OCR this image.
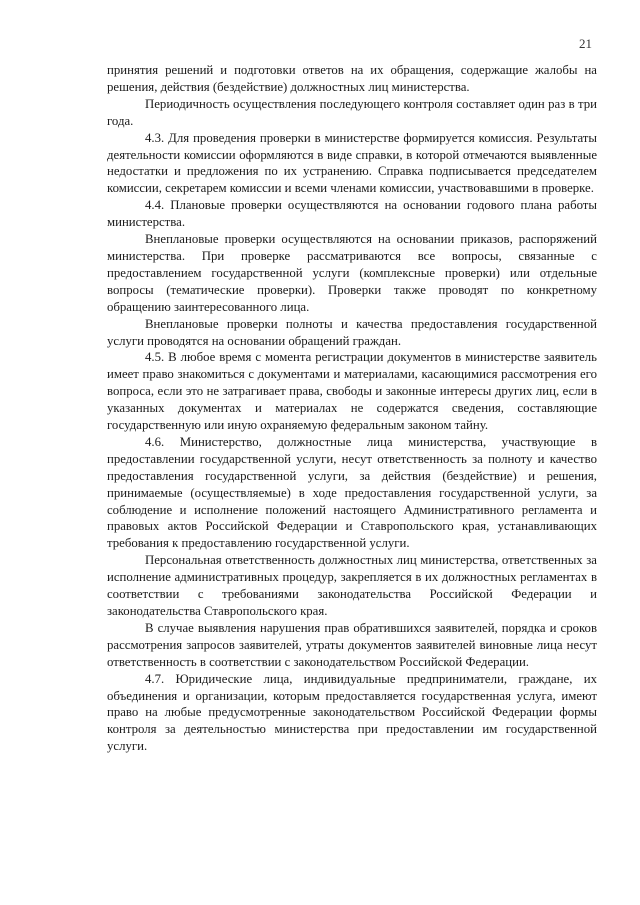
21

принятия решений и подготовки ответов на их обращения, содержащие жалобы на решения, действия (бездействие) должностных лиц министерства.

Периодичность осуществления последующего контроля составляет один раз в три года.

4.3. Для проведения проверки в министерстве формируется комиссия. Результаты деятельности комиссии оформляются в виде справки, в которой отмечаются выявленные недостатки и предложения по их устранению. Справка подписывается председателем комиссии, секретарем комиссии и всеми членами комиссии, участвовавшими в проверке.

4.4. Плановые проверки осуществляются на основании годового плана работы министерства.

Внеплановые проверки осуществляются на основании приказов, распоряжений министерства. При проверке рассматриваются все вопросы, связанные с предоставлением государственной услуги (комплексные проверки) или отдельные вопросы (тематические проверки). Проверки также проводят по конкретному обращению заинтересованного лица.

Внеплановые проверки полноты и качества предоставления государственной услуги проводятся на основании обращений граждан.

4.5. В любое время с момента регистрации документов в министерстве заявитель имеет право знакомиться с документами и материалами, касающимися рассмотрения его вопроса, если это не затрагивает права, свободы и законные интересы других лиц, если в указанных документах и материалах не содержатся сведения, составляющие государственную или иную охраняемую федеральным законом тайну.

4.6. Министерство, должностные лица министерства, участвующие в предоставлении государственной услуги, несут ответственность за полноту и качество предоставления государственной услуги, за действия (бездействие) и решения, принимаемые (осуществляемые) в ходе предоставления государственной услуги, за соблюдение и исполнение положений настоящего Административного регламента и правовых актов Российской Федерации и Ставропольского края, устанавливающих требования к предоставлению государственной услуги.

Персональная ответственность должностных лиц министерства, ответственных за исполнение административных процедур, закрепляется в их должностных регламентах в соответствии с требованиями законодательства Российской Федерации и законодательства Ставропольского края.

В случае выявления нарушения прав обратившихся заявителей, порядка и сроков рассмотрения запросов заявителей, утраты документов заявителей виновные лица несут ответственность в соответствии с законодательством Российской Федерации.

4.7. Юридические лица, индивидуальные предприниматели, граждане, их объединения и организации, которым предоставляется государственная услуга, имеют право на любые предусмотренные законодательством Российской Федерации формы контроля за деятельностью министерства при предоставлении им государственной услуги.
